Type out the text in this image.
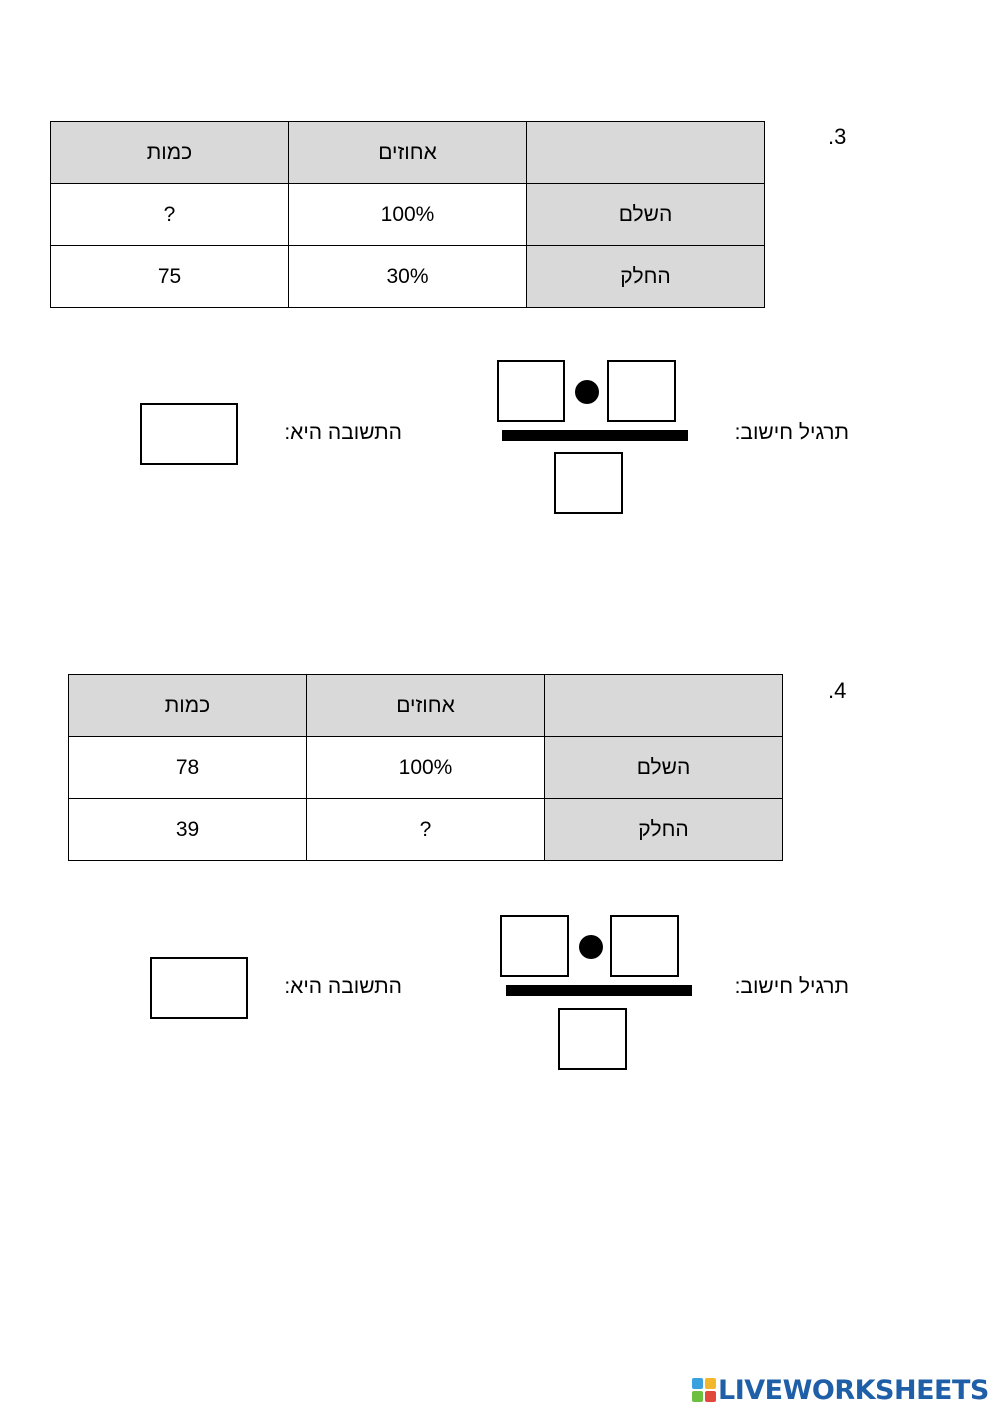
.3
כמות	אחוזים	
?	100%	השלם
75	30%	החלק
תרגיל חישוב:
התשובה היא:
.4
כמות	אחוזים	
78	100%	השלם
39	?	החלק
תרגיל חישוב:
התשובה היא:
LIVEWORKSHEETS
